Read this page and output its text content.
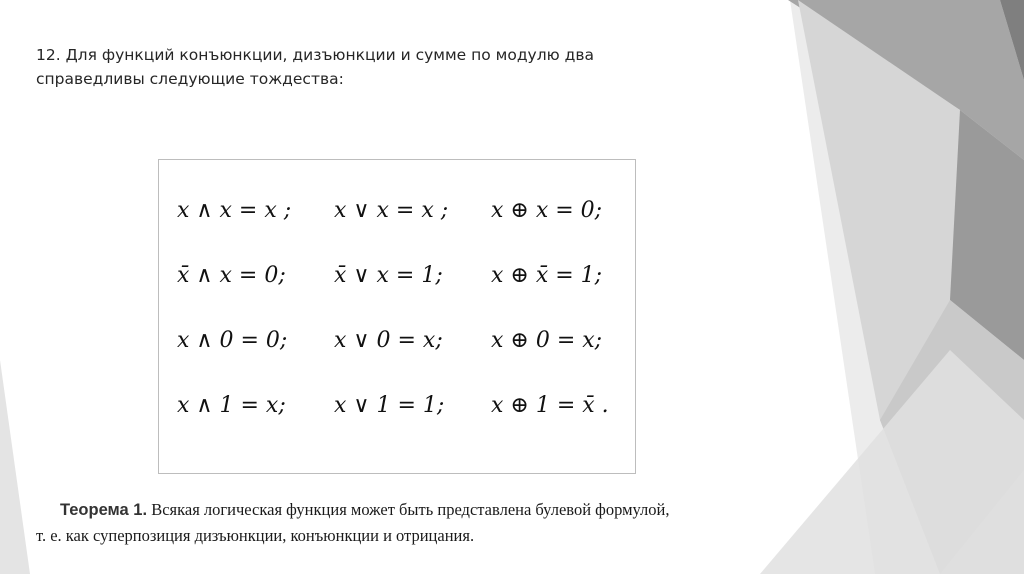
12. Для функций конъюнкции, дизъюнкции и сумме по модулю два
справедливы следующие тождества:
x ∧ x = x ;	x ∨ x = x ;	x ⊕ x = 0;
x̄ ∧ x = 0;	x̄ ∨ x = 1;	x ⊕ x̄ = 1;
x ∧ 0 = 0;	x ∨ 0 = x;	x ⊕ 0 = x;
x ∧ 1 = x;	x ∨ 1 = 1;	x ⊕ 1 = x̄ .

Теорема 1. Всякая логическая функция может быть представлена булевой формулой,
т. е. как суперпозиция дизъюнкции, конъюнкции и отрицания.
